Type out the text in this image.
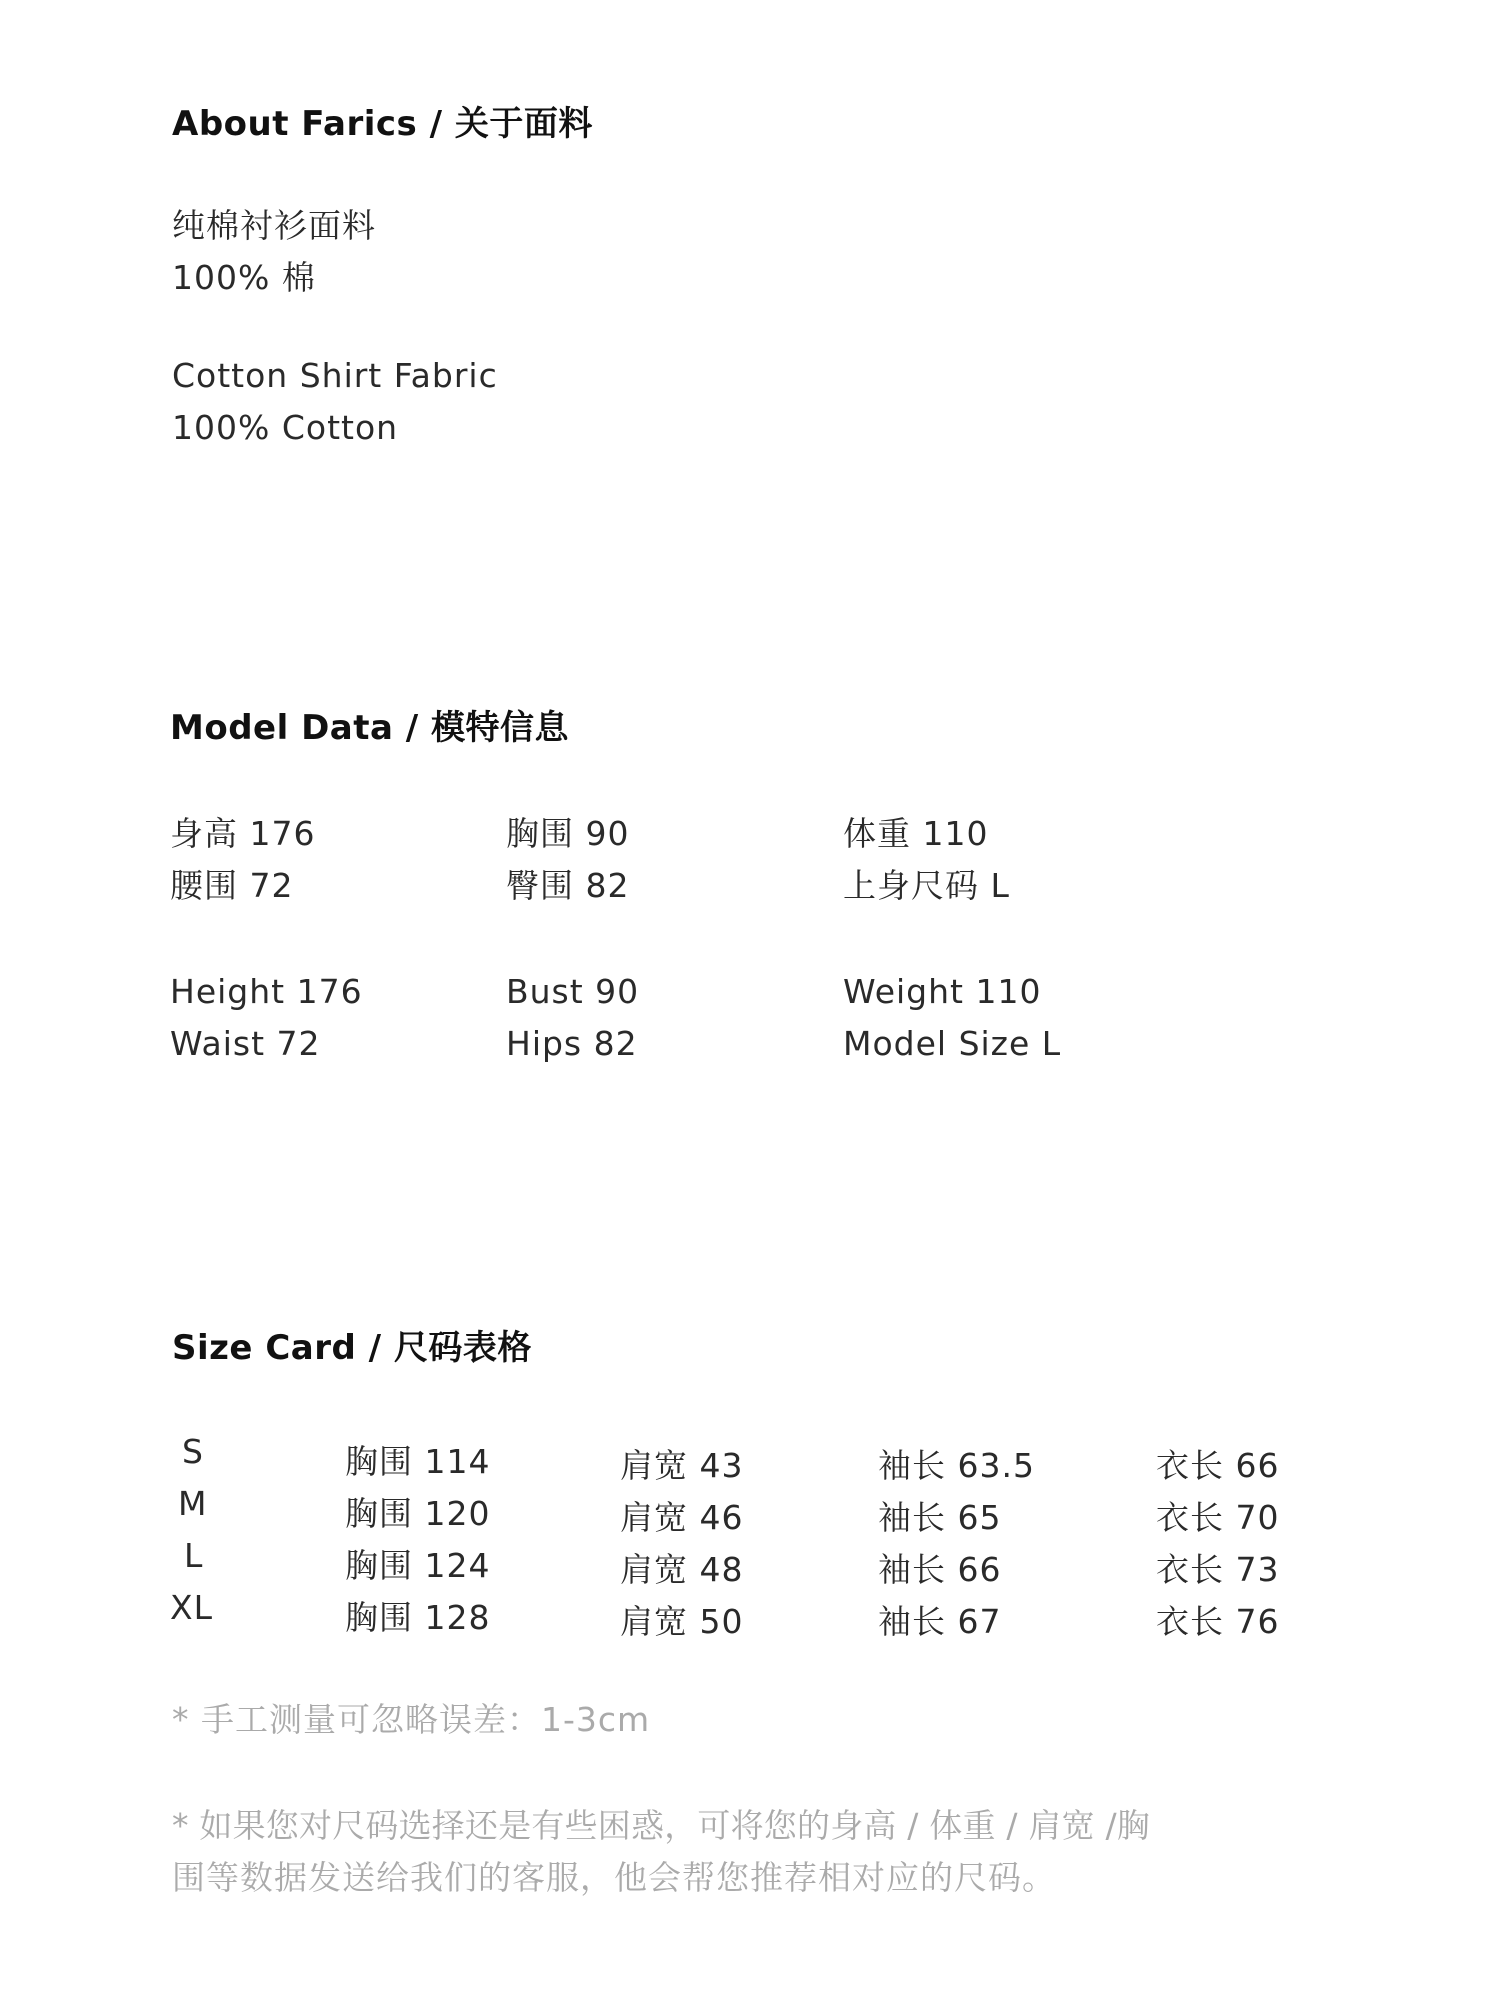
About Farics / 关于面料
纯棉衬衫面料
100% 棉
Cotton Shirt Fabric
100% Cotton
Model Data / 模特信息
身高 176	胸围 90	体重 110
腰围 72	臀围 82	上身尺码 L
Height 176	Bust 90	Weight 110
Waist 72	Hips 82	Model Size L
Size Card / 尺码表格
S	胸围 114	肩宽 43	袖长 63.5	衣长 66
M	胸围 120	肩宽 46	袖长 65	衣长 70
L	胸围 124	肩宽 48	袖长 66	衣长 73
XL	胸围 128	肩宽 50	袖长 67	衣长 76
* 手工测量可忽略误差：1-3cm
* 如果您对尺码选择还是有些困惑，可将您的身高 / 体重 / 肩宽 /胸
围等数据发送给我们的客服，他会帮您推荐相对应的尺码。
